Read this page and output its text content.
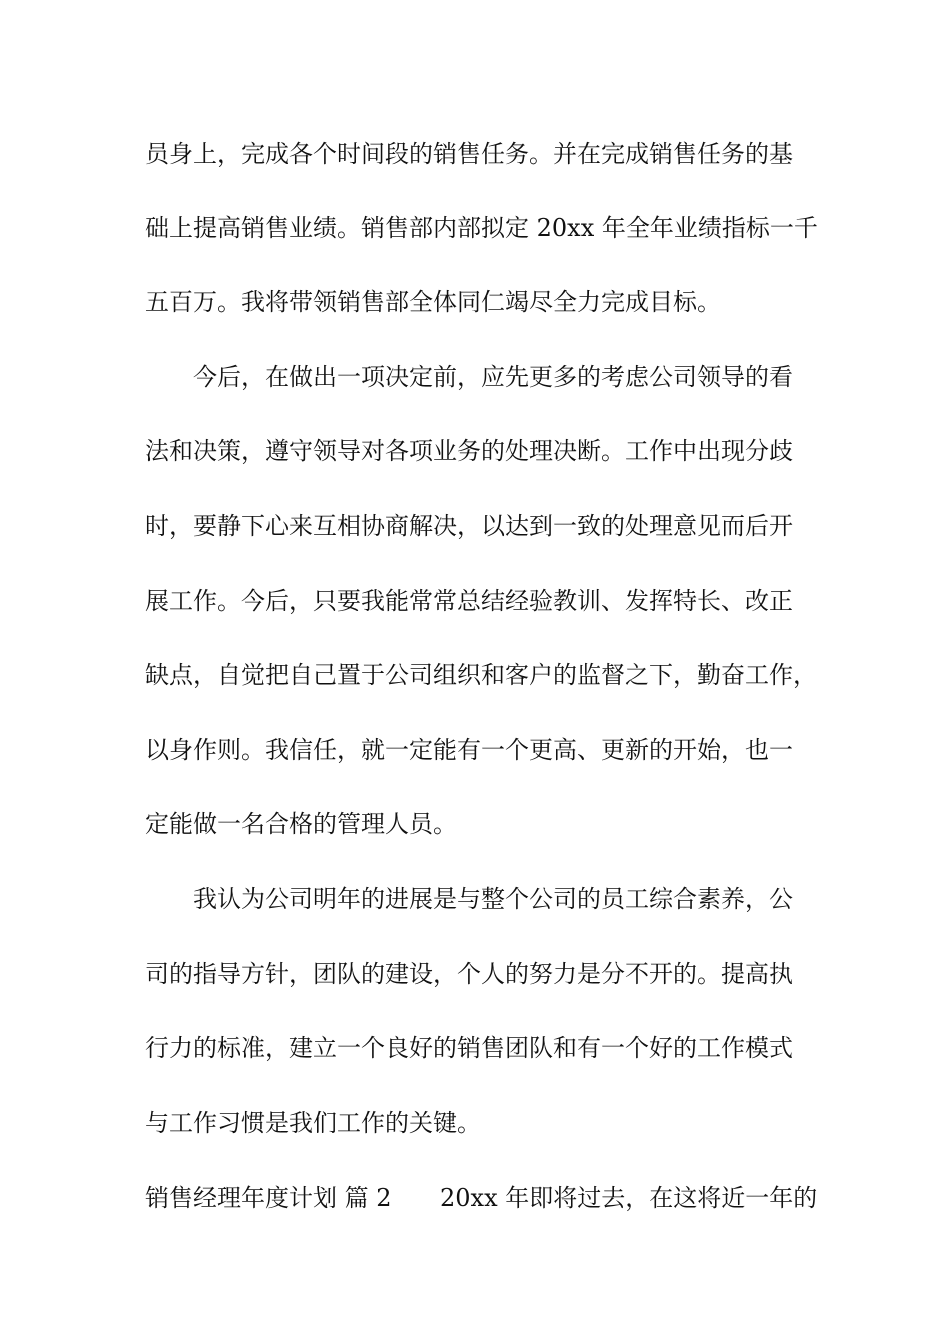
员身上，完成各个时间段的销售任务。并在完成销售任务的基
础上提高销售业绩。销售部内部拟定 20xx 年全年业绩指标一千
五百万。我将带领销售部全体同仁竭尽全力完成目标。
今后，在做出一项决定前，应先更多的考虑公司领导的看
法和决策，遵守领导对各项业务的处理决断。工作中出现分歧
时，要静下心来互相协商解决，以达到一致的处理意见而后开
展工作。今后，只要我能常常总结经验教训、发挥特长、改正
缺点，自觉把自己置于公司组织和客户的监督之下，勤奋工作，
以身作则。我信任，就一定能有一个更高、更新的开始，也一
定能做一名合格的管理人员。
我认为公司明年的进展是与整个公司的员工综合素养，公
司的指导方针，团队的建设，个人的努力是分不开的。提高执
行力的标准，建立一个良好的销售团队和有一个好的工作模式
与工作习惯是我们工作的关键。
销售经理年度计划 篇 2 20xx 年即将过去，在这将近一年的
